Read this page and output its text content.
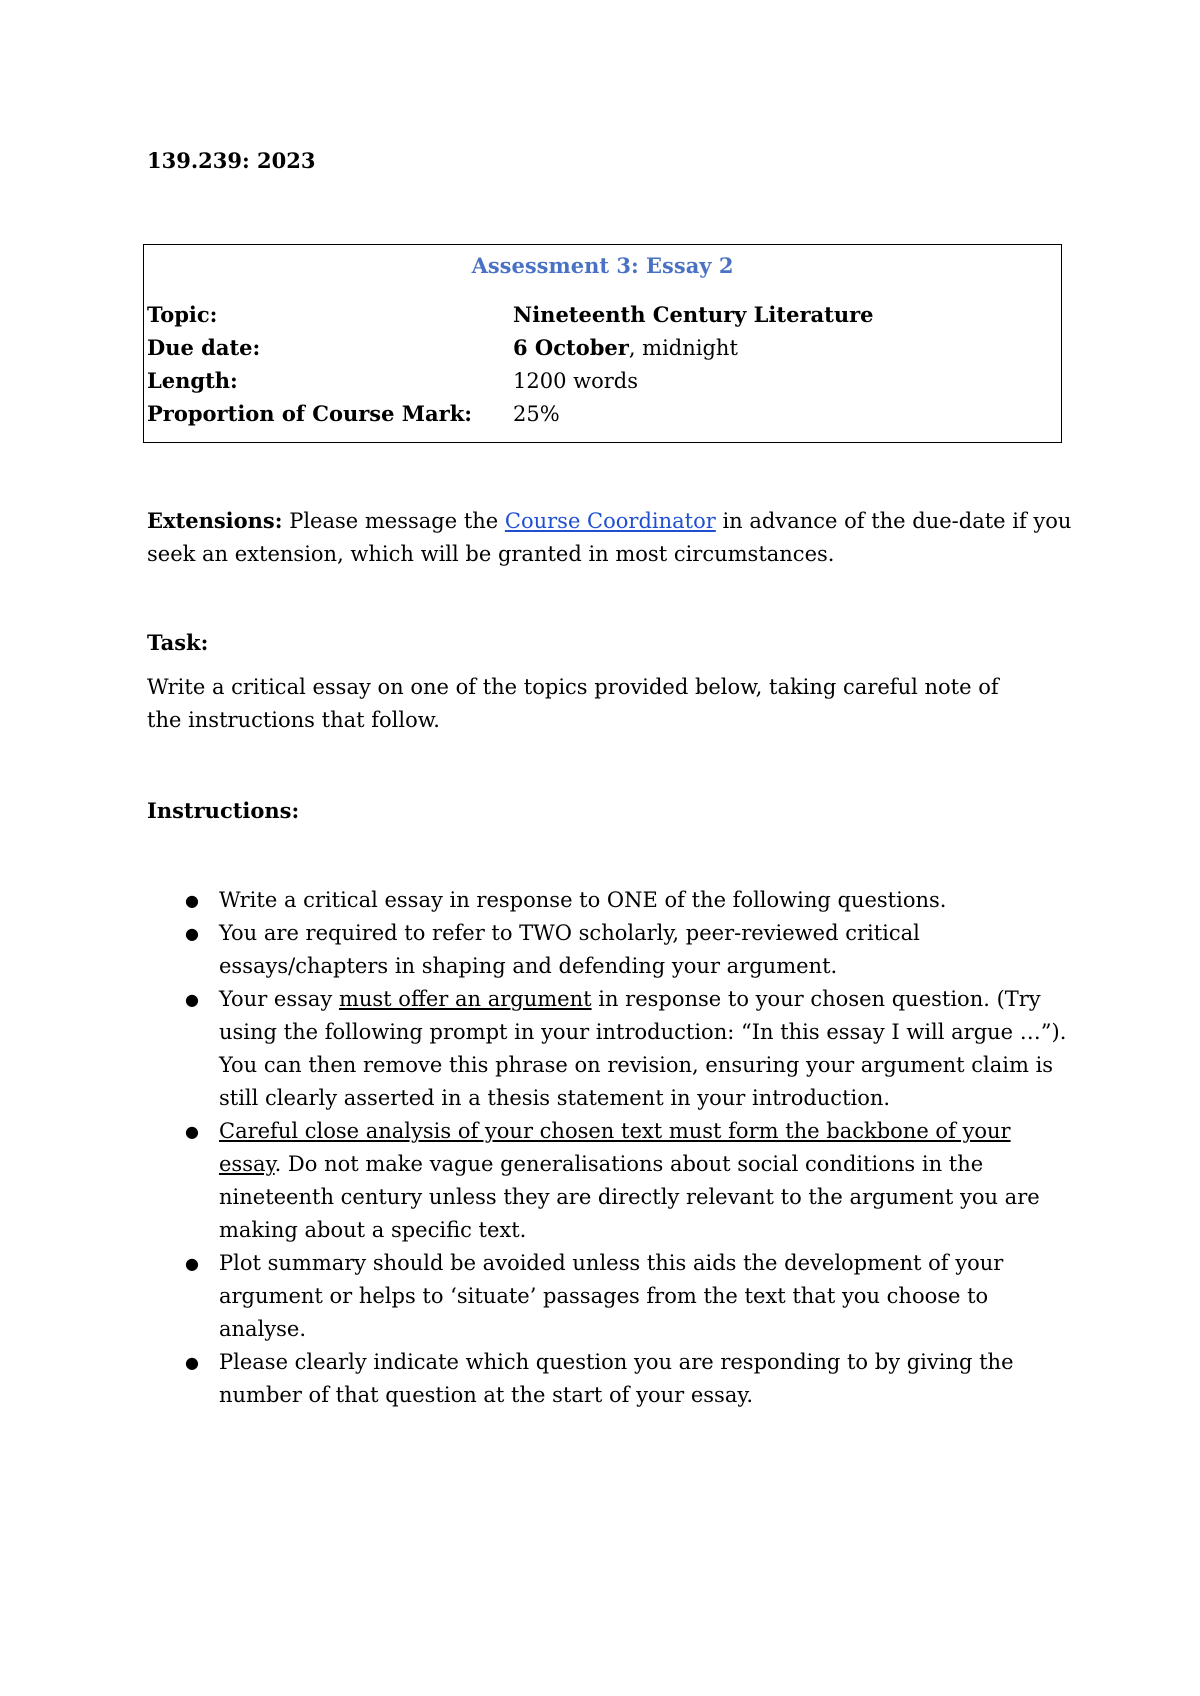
139.239: 2023
Assessment 3: Essay 2
Topic:	Nineteenth Century Literature
Due date:	6 October, midnight
Length:	1200 words
Proportion of Course Mark: 25%
Extensions: Please message the Course Coordinator in advance of the due-date if you seek an extension, which will be granted in most circumstances.
Task:
Write a critical essay on one of the topics provided below, taking careful note of the instructions that follow.
Instructions:
● Write a critical essay in response to ONE of the following questions.
● You are required to refer to TWO scholarly, peer-reviewed critical essays/chapters in shaping and defending your argument.
● Your essay must offer an argument in response to your chosen question. (Try using the following prompt in your introduction: “In this essay I will argue …”). You can then remove this phrase on revision, ensuring your argument claim is still clearly asserted in a thesis statement in your introduction.
● Careful close analysis of your chosen text must form the backbone of your essay. Do not make vague generalisations about social conditions in the nineteenth century unless they are directly relevant to the argument you are making about a specific text.
● Plot summary should be avoided unless this aids the development of your argument or helps to ‘situate’ passages from the text that you choose to analyse.
● Please clearly indicate which question you are responding to by giving the number of that question at the start of your essay.
